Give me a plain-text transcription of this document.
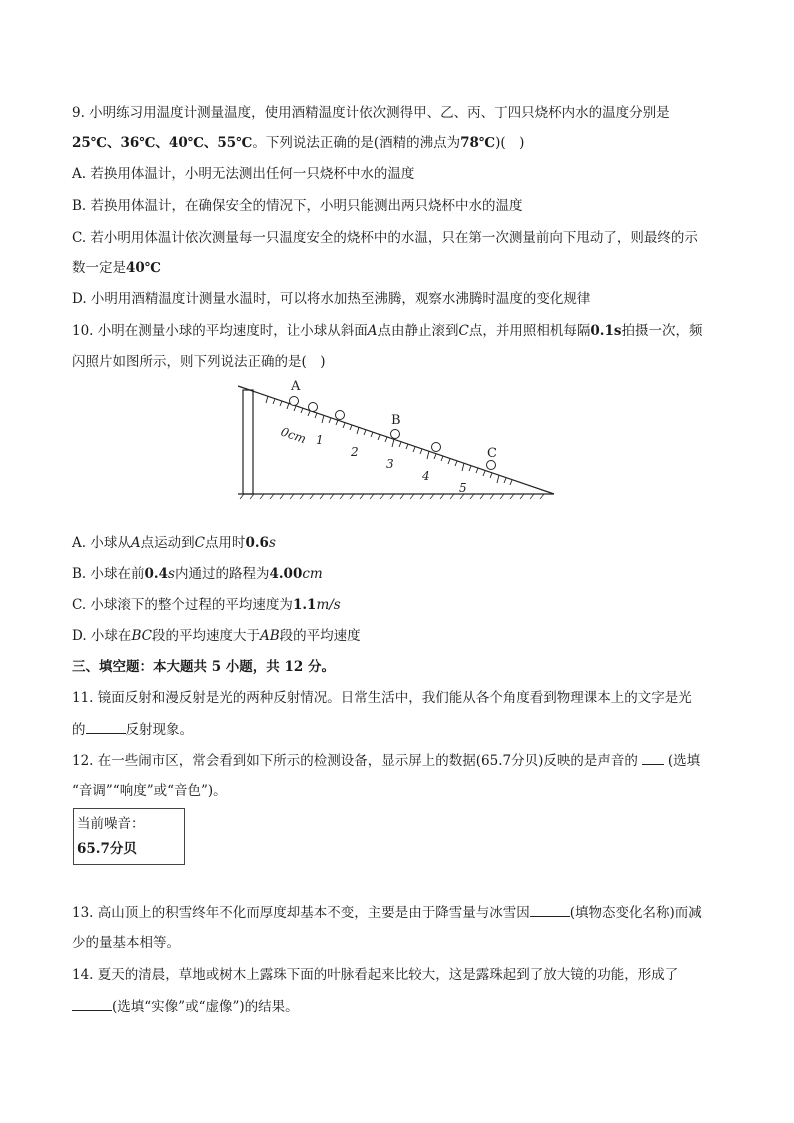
9. 小明练习用温度计测量温度，使用酒精温度计依次测得甲、乙、丙、丁四只烧杯内水的温度分别是
25℃、36℃、40℃、55℃。下列说法正确的是(酒精的沸点为78℃)(　)
A. 若换用体温计，小明无法测出任何一只烧杯中水的温度
B. 若换用体温计，在确保安全的情况下，小明只能测出两只烧杯中水的温度
C. 若小明用体温计依次测量每一只温度安全的烧杯中的水温，只在第一次测量前向下甩动了，则最终的示
数一定是40℃
D. 小明用酒精温度计测量水温时，可以将水加热至沸腾，观察水沸腾时温度的变化规律
10. 小明在测量小球的平均速度时，让小球从斜面A点由静止滚到C点，并用照相机每隔0.1s拍摄一次，频
闪照片如图所示，则下列说法正确的是(　)
A
B
C
0cm 1
2
3
4
5
A. 小球从A点运动到C点用时0.6s
B. 小球在前0.4s内通过的路程为4.00cm
C. 小球滚下的整个过程的平均速度为1.1m/s
D. 小球在BC段的平均速度大于AB段的平均速度
三、填空题：本大题共 5 小题，共 12 分。
11. 镜面反射和漫反射是光的两种反射情况。日常生活中，我们能从各个角度看到物理课本上的文字是光
的	反射现象。
12. 在一些闹市区，常会看到如下所示的检测设备，显示屏上的数据(65.7分贝)反映的是声音的 (选填
“音调”“响度”或“音色”)。
当前噪音：
65.7分贝
13. 高山顶上的积雪终年不化而厚度却基本不变，主要是由于降雪量与冰雪因	(填物态变化名称)而减
少的量基本相等。
14. 夏天的清晨，草地或树木上露珠下面的叶脉看起来比较大，这是露珠起到了放大镜的功能，形成了
(选填“实像”或“虚像”)的结果。
